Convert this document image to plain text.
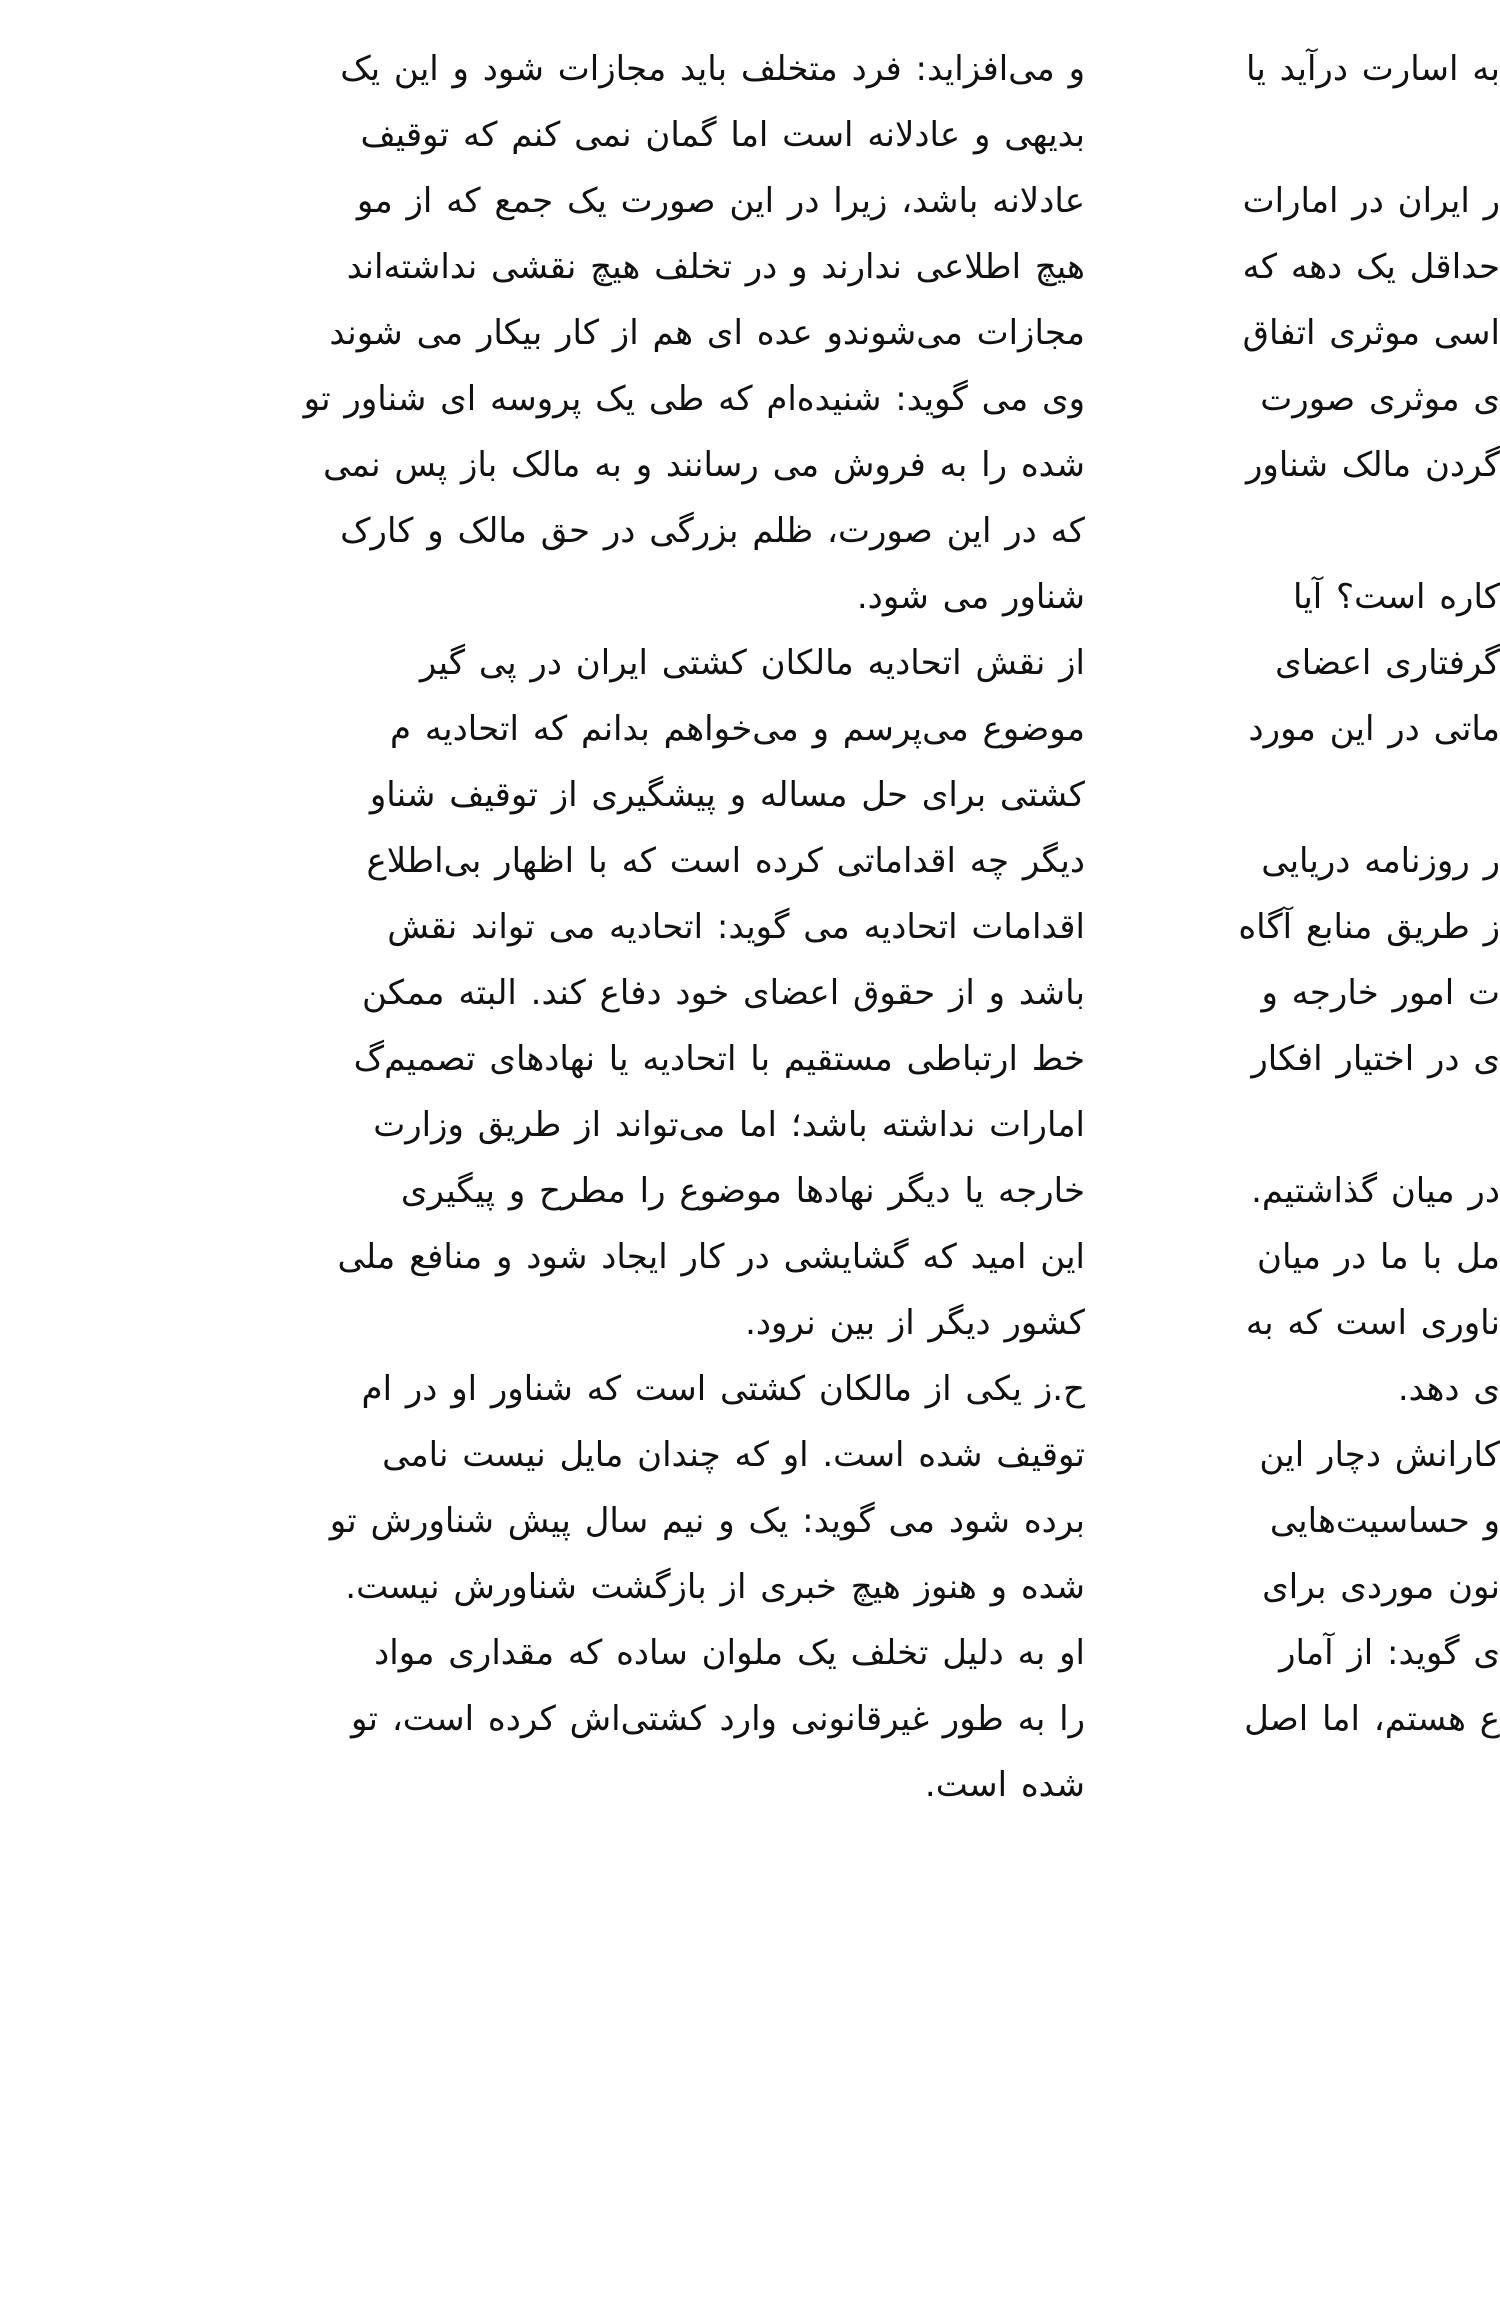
و می‌افزاید: فرد متخلف باید مجازات شود و این یک
بدیهی و عادلانه است اما گمان نمی کنم که توقیف
عادلانه باشد، زیرا در این صورت یک جمع که از مو
هیچ اطلاعی ندارند و در تخلف هیچ نقشی نداشته‌اند
مجازات می‌شوندو عده ای هم از کار بیکار می شوند
وی می گوید: شنیده‌ام که طی یک پروسه ای شناور تو
شده را به فروش می رسانند و به مالک باز پس نمی
که در این صورت، ظلم بزرگی در حق مالک و کارک
شناور می شود.
از نقش اتحادیه مالکان کشتی ایران در پی گیر
موضوع می‌پرسم و می‌خواهم بدانم که اتحادیه م
کشتی برای حل مساله و پیشگیری از توقیف شناو
دیگر چه اقداماتی کرده است که با اظهار بی‌اطلاع
اقدامات اتحادیه می گوید: اتحادیه می تواند نقش
باشد و از حقوق اعضای خود دفاع کند. البته ممکن
خط ارتباطی مستقیم با اتحادیه یا نهادهای تصمیم‌گ
امارات نداشته باشد؛ اما می‌تواند از طریق وزارت
خارجه یا دیگر نهادها موضوع را مطرح و پیگیری
این امید که گشایشی در کار ایجاد شود و منافع ملی
کشور دیگر از بین نرود.
ح.ز یکی از مالکان کشتی است که شناور او در ام
توقیف شده است. او که چندان مایل نیست نامی
برده شود می گوید: یک و نیم سال پیش شناورش تو
شده و هنوز هیچ خبری از بازگشت شناورش نیست.
او به دلیل تخلف یک ملوان ساده که مقداری مواد
را به طور غیرقانونی وارد کشتی‌اش کرده است، تو
شده است.
به اسارت درآید یا
ر ایران در امارات
حداقل یک دهه که
اسی موثری اتفاق
ی موثری صورت
گردن مالک شناور
کاره است؟ آیا
گرفتاری اعضای
ماتی در این مورد
ر روزنامه دریایی
ز طریق منابع آگاه
ت امور خارجه و
ی در اختیار افکار
در میان گذاشتیم.
مل با ما در میان
ناوری است که به
ی دهد.
کارانش دچار این
و حساسیت‌هایی
نون موردی برای
ی گوید: از آمار
ع هستم، اما اصل
